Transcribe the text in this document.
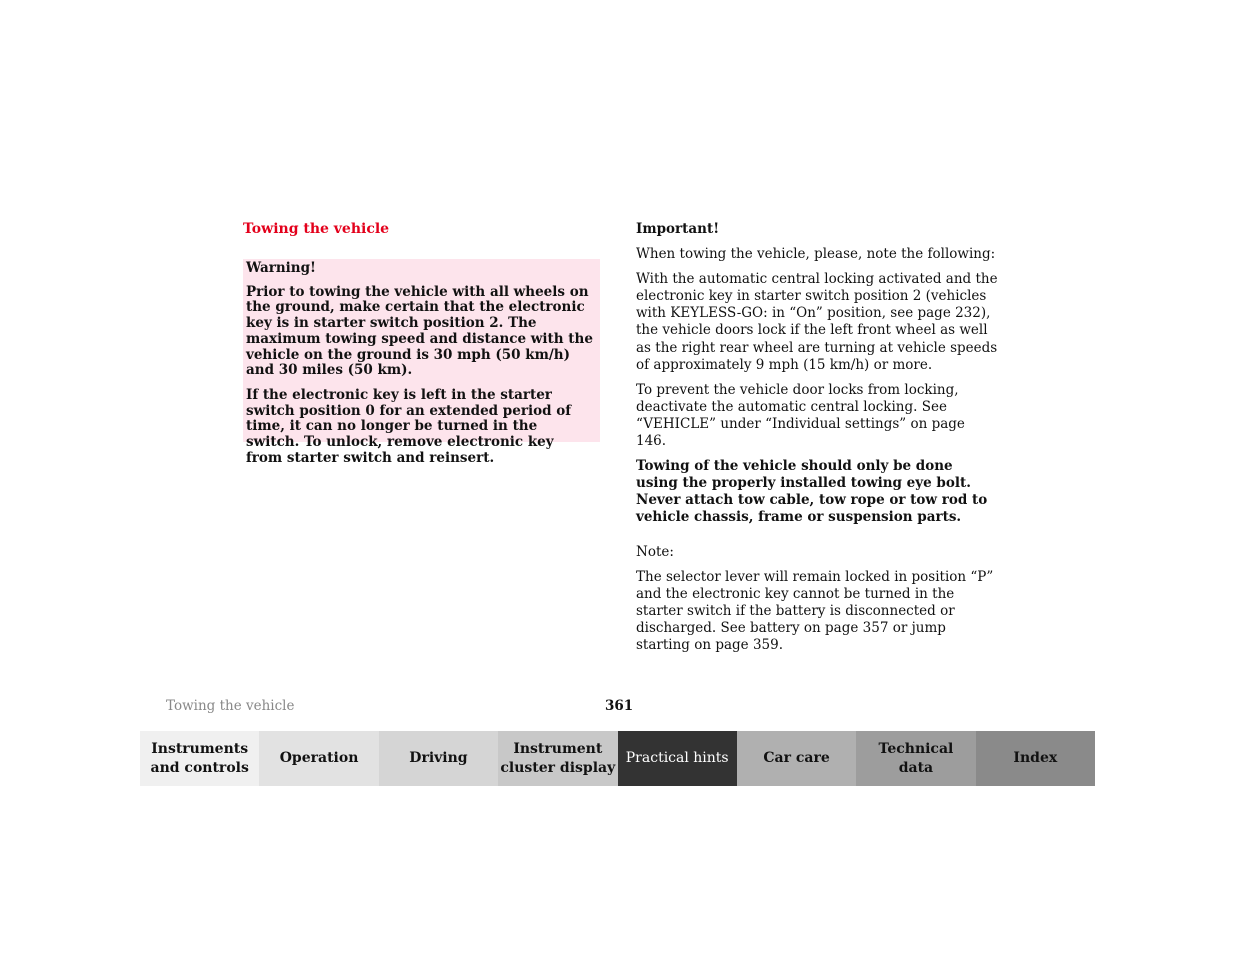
Towing the vehicle

Warning!

Prior to towing the vehicle with all wheels on the ground, make certain that the electronic key is in starter switch position 2. The maximum towing speed and distance with the vehicle on the ground is 30 mph (50 km/h) and 30 miles (50 km).

If the electronic key is left in the starter switch position 0 for an extended period of time, it can no longer be turned in the switch. To unlock, remove electronic key from starter switch and reinsert.

Important!

When towing the vehicle, please, note the following:

With the automatic central locking activated and the electronic key in starter switch position 2 (vehicles with KEYLESS-GO: in “On” position, see page 232), the vehicle doors lock if the left front wheel as well as the right rear wheel are turning at vehicle speeds of approximately 9 mph (15 km/h) or more.

To prevent the vehicle door locks from locking, deactivate the automatic central locking. See “VEHICLE” under “Individual settings” on page 146.

Towing of the vehicle should only be done using the properly installed towing eye bolt. Never attach tow cable, tow rope or tow rod to vehicle chassis, frame or suspension parts.

Note:

The selector lever will remain locked in position “P” and the electronic key cannot be turned in the starter switch if the battery is disconnected or discharged. See battery on page 357 or jump starting on page 359.

Towing the vehicle	361
Instruments
and controls
Operation	Driving
Instrument
cluster display
Practical hints	Car care
Technical
data
Index
